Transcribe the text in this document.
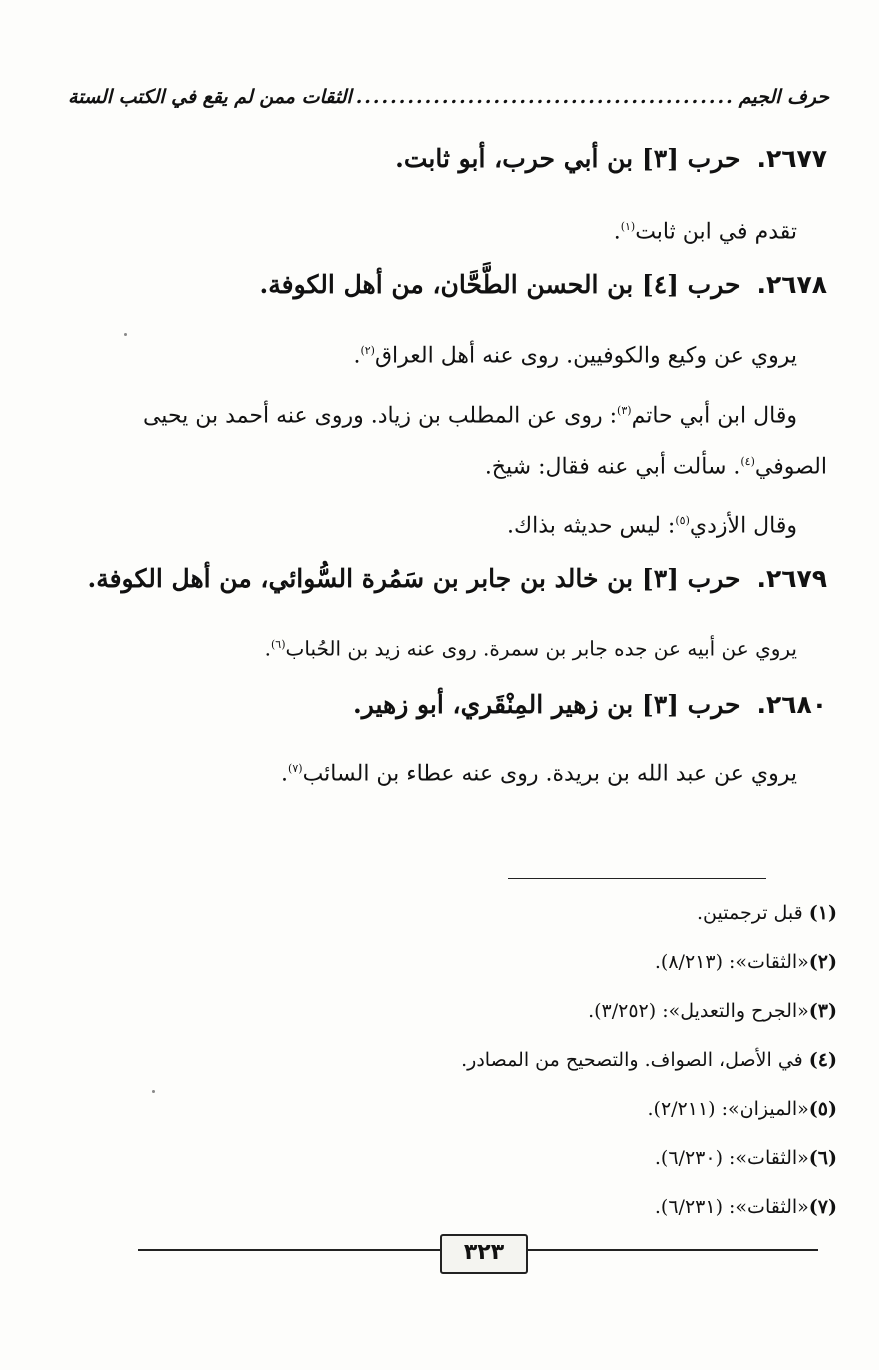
حرف الجيم
............................................
الثقات ممن لم يقع في الكتب الستة
٢٦٧٧.حرب [٣] بن أبي حرب، أبو ثابت.
تقدم في ابن ثابت$^{(١)}$.
٢٦٧٨.حرب [٤] بن الحسن الطَّحَّان، من أهل الكوفة.
يروي عن وكيع والكوفيين. روى عنه أهل العراق$^{(٢)}$.
وقال ابن أبي حاتم$^{(٣)}$: روى عن المطلب بن زياد. وروى عنه أحمد بن يحيى الصوفي$^{(٤)}$. سألت أبي عنه فقال: شيخ.
وقال الأزدي$^{(٥)}$: ليس حديثه بذاك.
٢٦٧٩.حرب [٣] بن خالد بن جابر بن سَمُرة السُّوائي، من أهل الكوفة.
يروي عن أبيه عن جده جابر بن سمرة. روى عنه زيد بن الحُباب$^{(٦)}$.
٢٦٨٠.حرب [٣] بن زهير المِنْقَري، أبو زهير.
يروي عن عبد الله بن بريدة. روى عنه عطاء بن السائب$^{(٧)}$.
(١) قبل ترجمتين.
(٢)«الثقات»: (٨/٢١٣).
(٣)«الجرح والتعديل»: (٣/٢٥٢).
(٤) في الأصل، الصواف. والتصحيح من المصادر.
(٥)«الميزان»: (٢/٢١١).
(٦)«الثقات»: (٦/٢٣٠).
(٧)«الثقات»: (٦/٢٣١).
٣٢٣
